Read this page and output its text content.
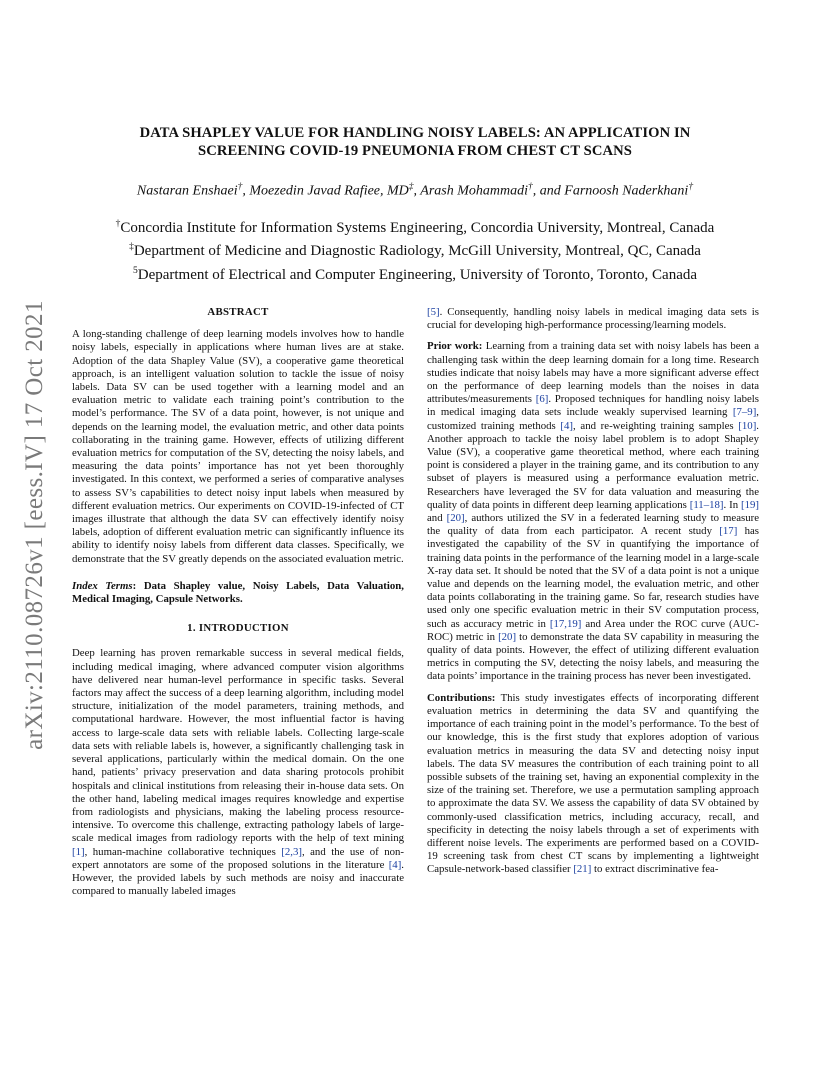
arXiv:2110.08726v1 [eess.IV] 17 Oct 2021
DATA SHAPLEY VALUE FOR HANDLING NOISY LABELS: AN APPLICATION IN
SCREENING COVID-19 PNEUMONIA FROM CHEST CT SCANS
Nastaran Enshaei†, Moezedin Javad Rafiee, MD‡, Arash Mohammadi†, and Farnoosh Naderkhani†
†Concordia Institute for Information Systems Engineering, Concordia University, Montreal, Canada
‡Department of Medicine and Diagnostic Radiology, McGill University, Montreal, QC, Canada
$^5$Department of Electrical and Computer Engineering, University of Toronto, Toronto, Canada
ABSTRACT

A long-standing challenge of deep learning models involves how to handle noisy labels, especially in applications where human lives are at stake. Adoption of the data Shapley Value (SV), a cooperative game theoretical approach, is an intelligent valuation solution to tackle the issue of noisy labels. Data SV can be used together with a learning model and an evaluation metric to validate each training point’s contribution to the model’s performance. The SV of a data point, however, is not unique and depends on the learning model, the evaluation metric, and other data points collaborating in the training game. However, effects of utilizing different evaluation metrics for computation of the SV, detecting the noisy labels, and measuring the data points’ importance has not yet been thoroughly investigated. In this context, we performed a series of comparative analyses to assess SV’s capabilities to detect noisy input labels when measured by different evaluation metrics. Our experiments on COVID-19-infected of CT images illustrate that although the data SV can effectively identify noisy labels, adoption of different evaluation metric can significantly influence its ability to identify noisy labels from different data classes. Specifically, we demonstrate that the SV greatly depends on the associated evaluation metric.

Index Terms: Data Shapley value, Noisy Labels, Data Valuation, Medical Imaging, Capsule Networks.

1. INTRODUCTION

Deep learning has proven remarkable success in several medical fields, including medical imaging, where advanced computer vision algorithms have delivered near human-level performance in specific tasks. Several factors may affect the success of a deep learning algorithm, including model structure, initialization of the model parameters, training methods, and computational hardware. However, the most influential factor is having access to large-scale data sets with reliable labels. Collecting large-scale data sets with reliable labels is, however, a significantly challenging task in several applications, particularly within the medical domain. On the one hand, patients’ privacy preservation and data sharing protocols prohibit hospitals and clinical institutions from releasing their in-house data sets. On the other hand, labeling medical images requires knowledge and expertise from radiologists and physicians, making the labeling process resource-intensive. To overcome this challenge, extracting pathology labels of large-scale medical images from radiology reports with the help of text mining [1], human-machine collaborative techniques [2,3], and the use of non-expert annotators are some of the proposed solutions in the literature [4]. However, the provided labels by such methods are noisy and inaccurate compared to manually labeled images

[5]. Consequently, handling noisy labels in medical imaging data sets is crucial for developing high-performance processing/learning models.

Prior work: Learning from a training data set with noisy labels has been a challenging task within the deep learning domain for a long time. Research studies indicate that noisy labels may have a more significant adverse effect on the performance of deep learning models than the noises in data attributes/measurements [6]. Proposed techniques for handling noisy labels in medical imaging data sets include weakly supervised learning [7–9], customized training methods [4], and re-weighting training samples [10]. Another approach to tackle the noisy label problem is to adopt Shapley Value (SV), a cooperative game theoretical method, where each training point is considered a player in the training game, and its contribution to any subset of players is measured using a performance evaluation metric. Researchers have leveraged the SV for data valuation and measuring the quality of data points in different deep learning applications [11–18]. In [19] and [20], authors utilized the SV in a federated learning study to measure the quality of data from each participator. A recent study [17] has investigated the capability of the SV in quantifying the importance of training data points in the performance of the learning model in a large-scale X-ray data set. It should be noted that the SV of a data point is not a unique value and depends on the learning model, the evaluation metric, and other data points collaborating in the training game. So far, research studies have used only one specific evaluation metric in their SV computation process, such as accuracy metric in [17,19] and Area under the ROC curve (AUC-ROC) metric in [20] to demonstrate the data SV capability in measuring the quality of data points. However, the effect of utilizing different evaluation metrics in computing the SV, detecting the noisy labels, and measuring the data points’ importance in the training process has never been investigated.

Contributions: This study investigates effects of incorporating different evaluation metrics in determining the data SV and quantifying the importance of each training point in the model’s performance. To the best of our knowledge, this is the first study that explores adoption of various evaluation metrics in measuring the data SV and detecting noisy input labels. The data SV measures the contribution of each training point to all possible subsets of the training set, having an exponential complexity in the size of the training set. Therefore, we use a permutation sampling approach to approximate the data SV. We assess the capability of data SV obtained by commonly-used classification metrics, including accuracy, recall, and specificity in detecting the noisy labels through a set of experiments with different noise levels. The experiments are performed based on a COVID- 19 screening task from chest CT scans by implementing a lightweight Capsule-network-based classifier [21] to extract discriminative fea-
